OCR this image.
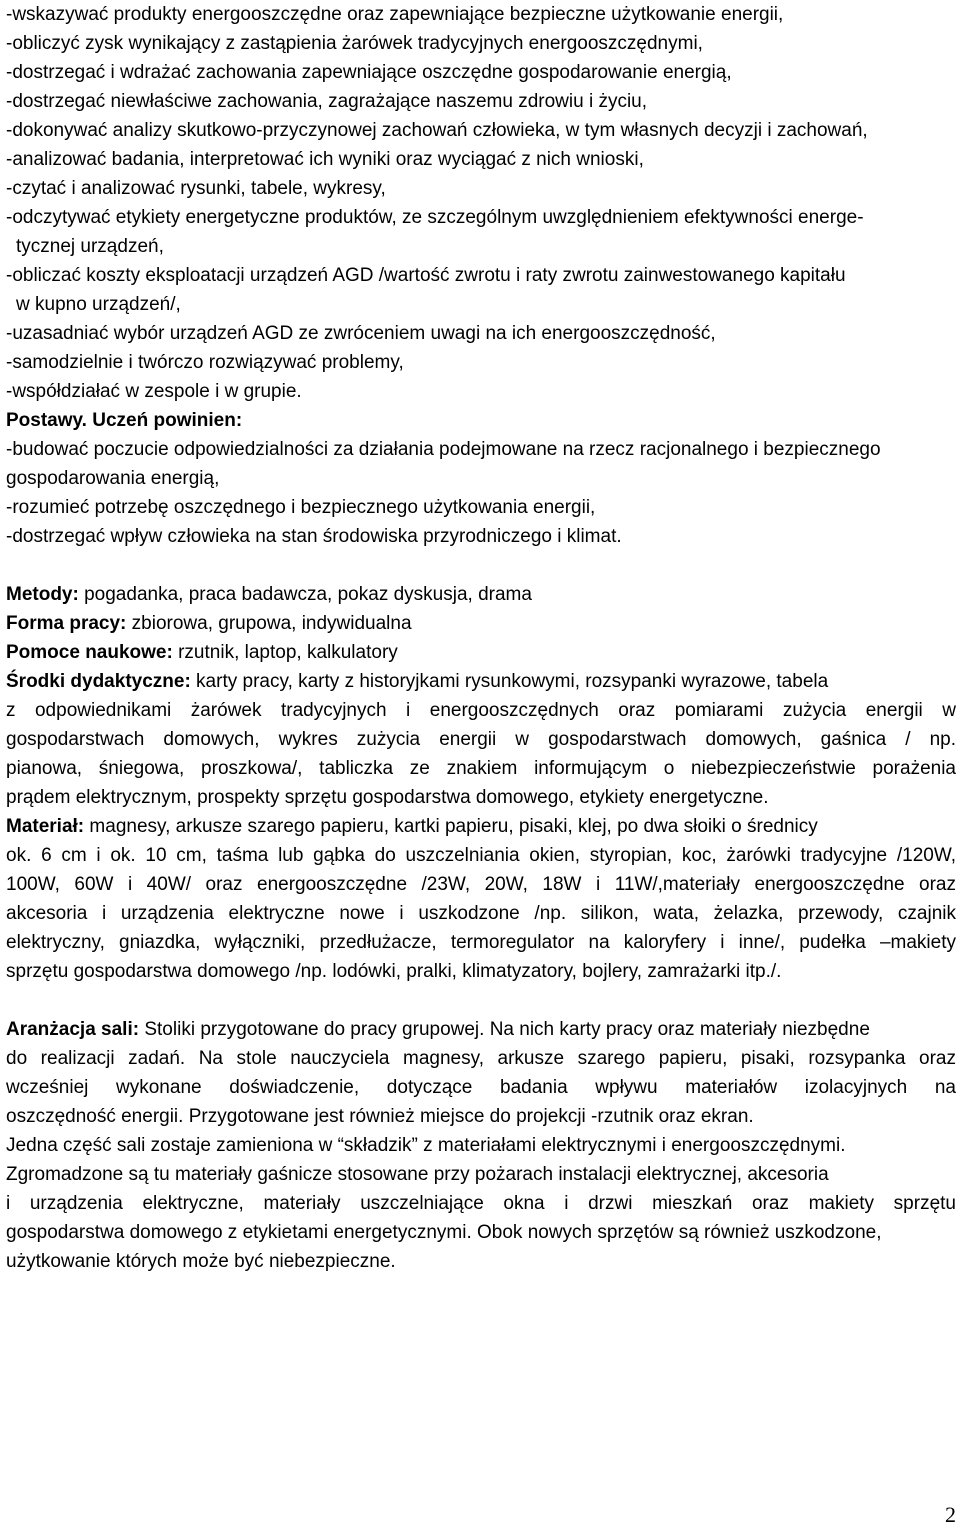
-wskazywać produkty energooszczędne oraz zapewniające bezpieczne użytkowanie energii,
-obliczyć zysk wynikający z zastąpienia żarówek tradycyjnych energooszczędnymi,
-dostrzegać i wdrażać zachowania zapewniające oszczędne gospodarowanie energią,
-dostrzegać niewłaściwe zachowania, zagrażające naszemu zdrowiu i życiu,
-dokonywać analizy skutkowo-przyczynowej zachowań człowieka, w tym własnych decyzji i zachowań,
-analizować badania, interpretować ich wyniki oraz wyciągać z nich wnioski,
-czytać i analizować rysunki, tabele, wykresy,
-odczytywać etykiety energetyczne produktów, ze szczególnym uwzględnieniem efektywności energe-
tycznej urządzeń,
-obliczać koszty eksploatacji urządzeń AGD /wartość zwrotu i raty zwrotu zainwestowanego kapitału
w kupno urządzeń/,
-uzasadniać wybór urządzeń AGD ze zwróceniem uwagi na ich energooszczędność,
-samodzielnie i twórczo rozwiązywać problemy,
-współdziałać w zespole i w grupie.
Postawy. Uczeń powinien:
-budować poczucie odpowiedzialności za działania podejmowane na rzecz racjonalnego i bezpiecznego
gospodarowania energią,
-rozumieć potrzebę oszczędnego i bezpiecznego użytkowania energii,
-dostrzegać wpływ człowieka na stan środowiska przyrodniczego i klimat.
Metody: pogadanka, praca badawcza, pokaz dyskusja, drama
Forma pracy: zbiorowa, grupowa, indywidualna
Pomoce naukowe: rzutnik, laptop, kalkulatory
Środki dydaktyczne: karty pracy, karty z historyjkami rysunkowymi, rozsypanki wyrazowe, tabela
z odpowiednikami żarówek tradycyjnych i energooszczędnych oraz pomiarami zużycia energii w
gospodarstwach domowych, wykres zużycia energii w gospodarstwach domowych, gaśnica / np.
pianowa, śniegowa, proszkowa/, tabliczka ze znakiem informującym o niebezpieczeństwie porażenia
prądem elektrycznym, prospekty sprzętu gospodarstwa domowego, etykiety energetyczne.
Materiał: magnesy, arkusze szarego papieru, kartki papieru, pisaki, klej, po dwa słoiki o średnicy
ok. 6 cm i ok. 10 cm, taśma lub gąbka do uszczelniania okien, styropian, koc, żarówki tradycyjne /120W,
100W, 60W i 40W/ oraz energooszczędne /23W, 20W, 18W i 11W/,materiały energooszczędne oraz
akcesoria i urządzenia elektryczne nowe i uszkodzone /np. silikon, wata, żelazka, przewody, czajnik
elektryczny, gniazdka, wyłączniki, przedłużacze, termoregulator na kaloryfery i inne/, pudełka –makiety
sprzętu gospodarstwa domowego /np. lodówki, pralki, klimatyzatory, bojlery, zamrażarki itp./.
Aranżacja sali: Stoliki przygotowane do pracy grupowej. Na nich karty pracy oraz materiały niezbędne
do realizacji zadań. Na stole nauczyciela magnesy, arkusze szarego papieru, pisaki, rozsypanka oraz
wcześniej wykonane doświadczenie, dotyczące badania wpływu materiałów izolacyjnych na
oszczędność energii. Przygotowane jest również miejsce do projekcji -rzutnik oraz ekran.
Jedna część sali zostaje zamieniona w “składzik” z materiałami elektrycznymi i energooszczędnymi.
Zgromadzone są tu materiały gaśnicze stosowane przy pożarach instalacji elektrycznej, akcesoria
i urządzenia elektryczne, materiały uszczelniające okna i drzwi mieszkań oraz makiety sprzętu
gospodarstwa domowego z etykietami energetycznymi. Obok nowych sprzętów są również uszkodzone,
użytkowanie których może być niebezpieczne.
2
